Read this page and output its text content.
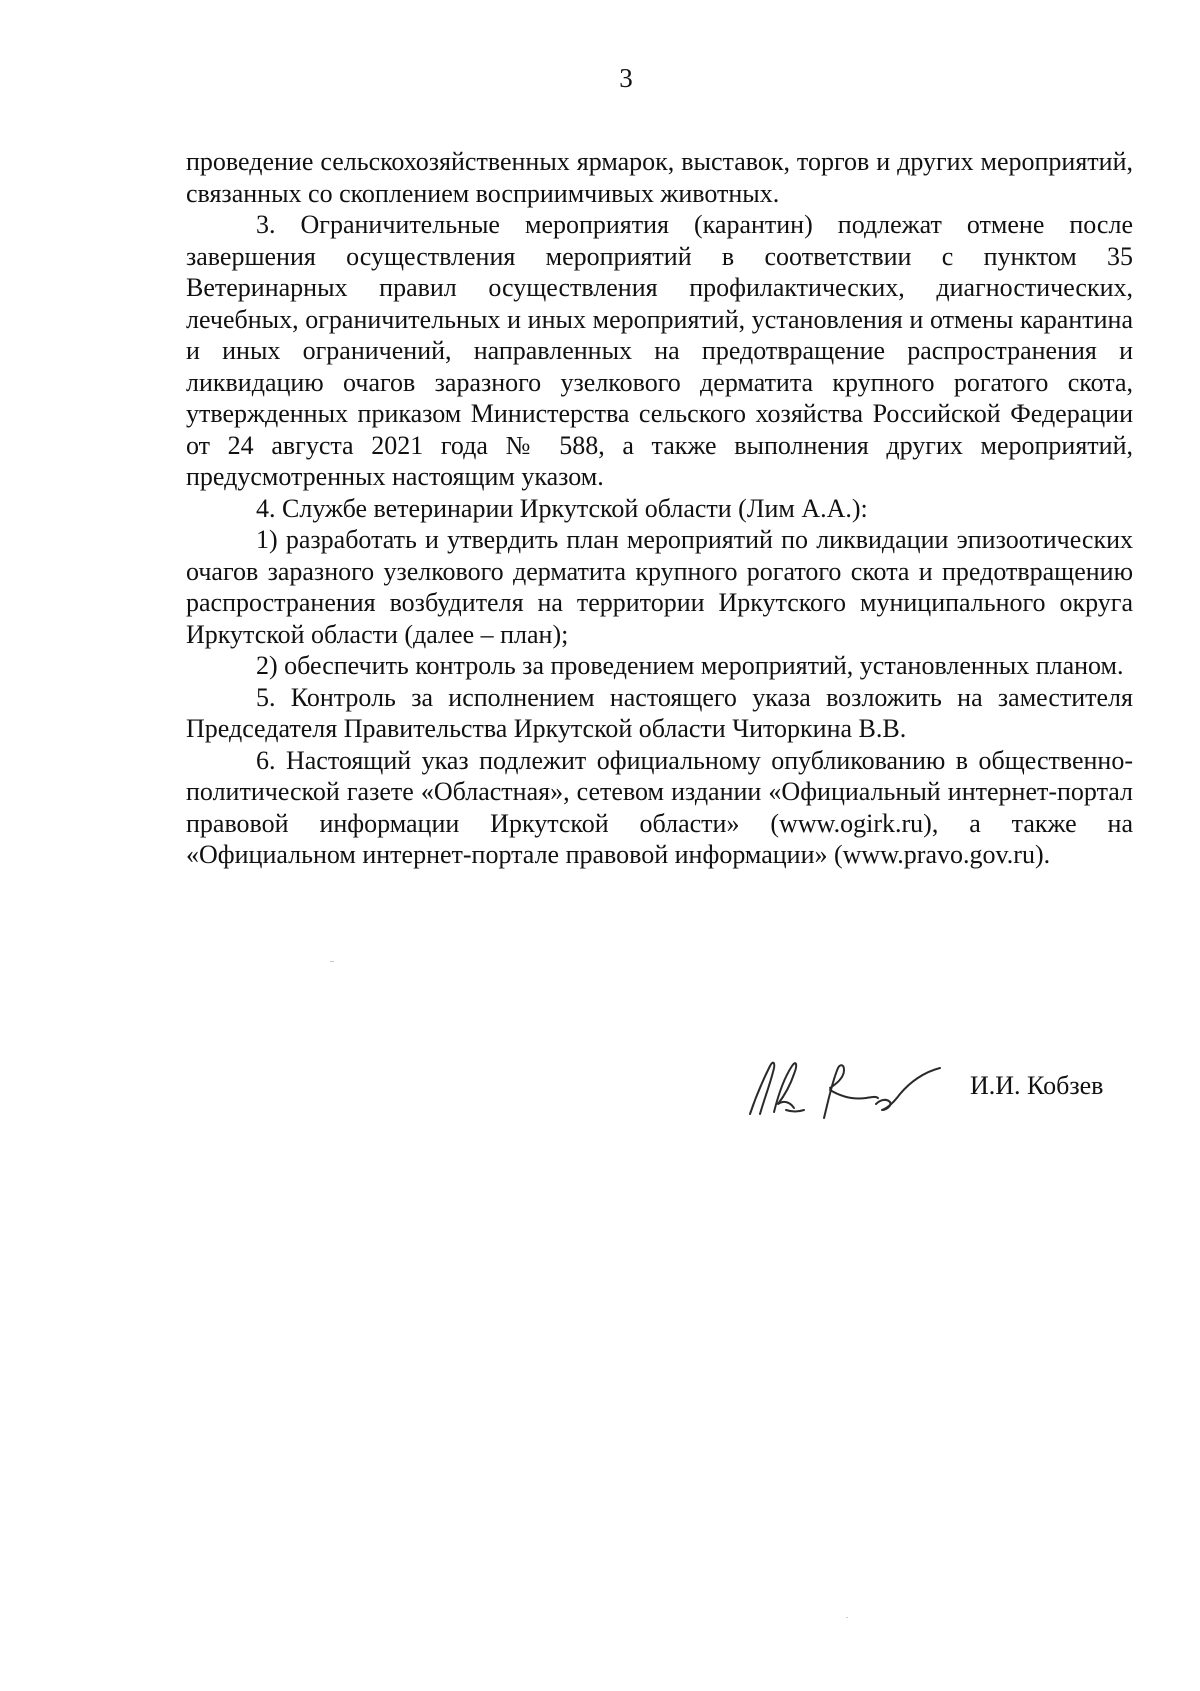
3

проведение сельскохозяйственных ярмарок, выставок, торгов и других мероприятий, связанных со скоплением восприимчивых животных.

3. Ограничительные мероприятия (карантин) подлежат отмене после завершения осуществления мероприятий в соответствии с пунктом 35 Ветеринарных правил осуществления профилактических, диагностических, лечебных, ограничительных и иных мероприятий, установления и отмены карантина и иных ограничений, направленных на предотвращение распространения и ликвидацию очагов заразного узелкового дерматита крупного рогатого скота, утвержденных приказом Министерства сельского хозяйства Российской Федерации от 24 августа 2021 года № 588, а также выполнения других мероприятий, предусмотренных настоящим указом.

4. Службе ветеринарии Иркутской области (Лим А.А.):

1) разработать и утвердить план мероприятий по ликвидации эпизоотических очагов заразного узелкового дерматита крупного рогатого скота и предотвращению распространения возбудителя на территории Иркутского муниципального округа Иркутской области (далее – план);

2) обеспечить контроль за проведением мероприятий, установленных планом.

5. Контроль за исполнением настоящего указа возложить на заместителя Председателя Правительства Иркутской области Читоркина В.В.

6. Настоящий указ подлежит официальному опубликованию в общественно-политической газете «Областная», сетевом издании «Официальный интернет-портал правовой информации Иркутской области» (www.ogirk.ru), а также на «Официальном интернет-портале правовой информации» (www.pravo.gov.ru).

И.И. Кобзев
